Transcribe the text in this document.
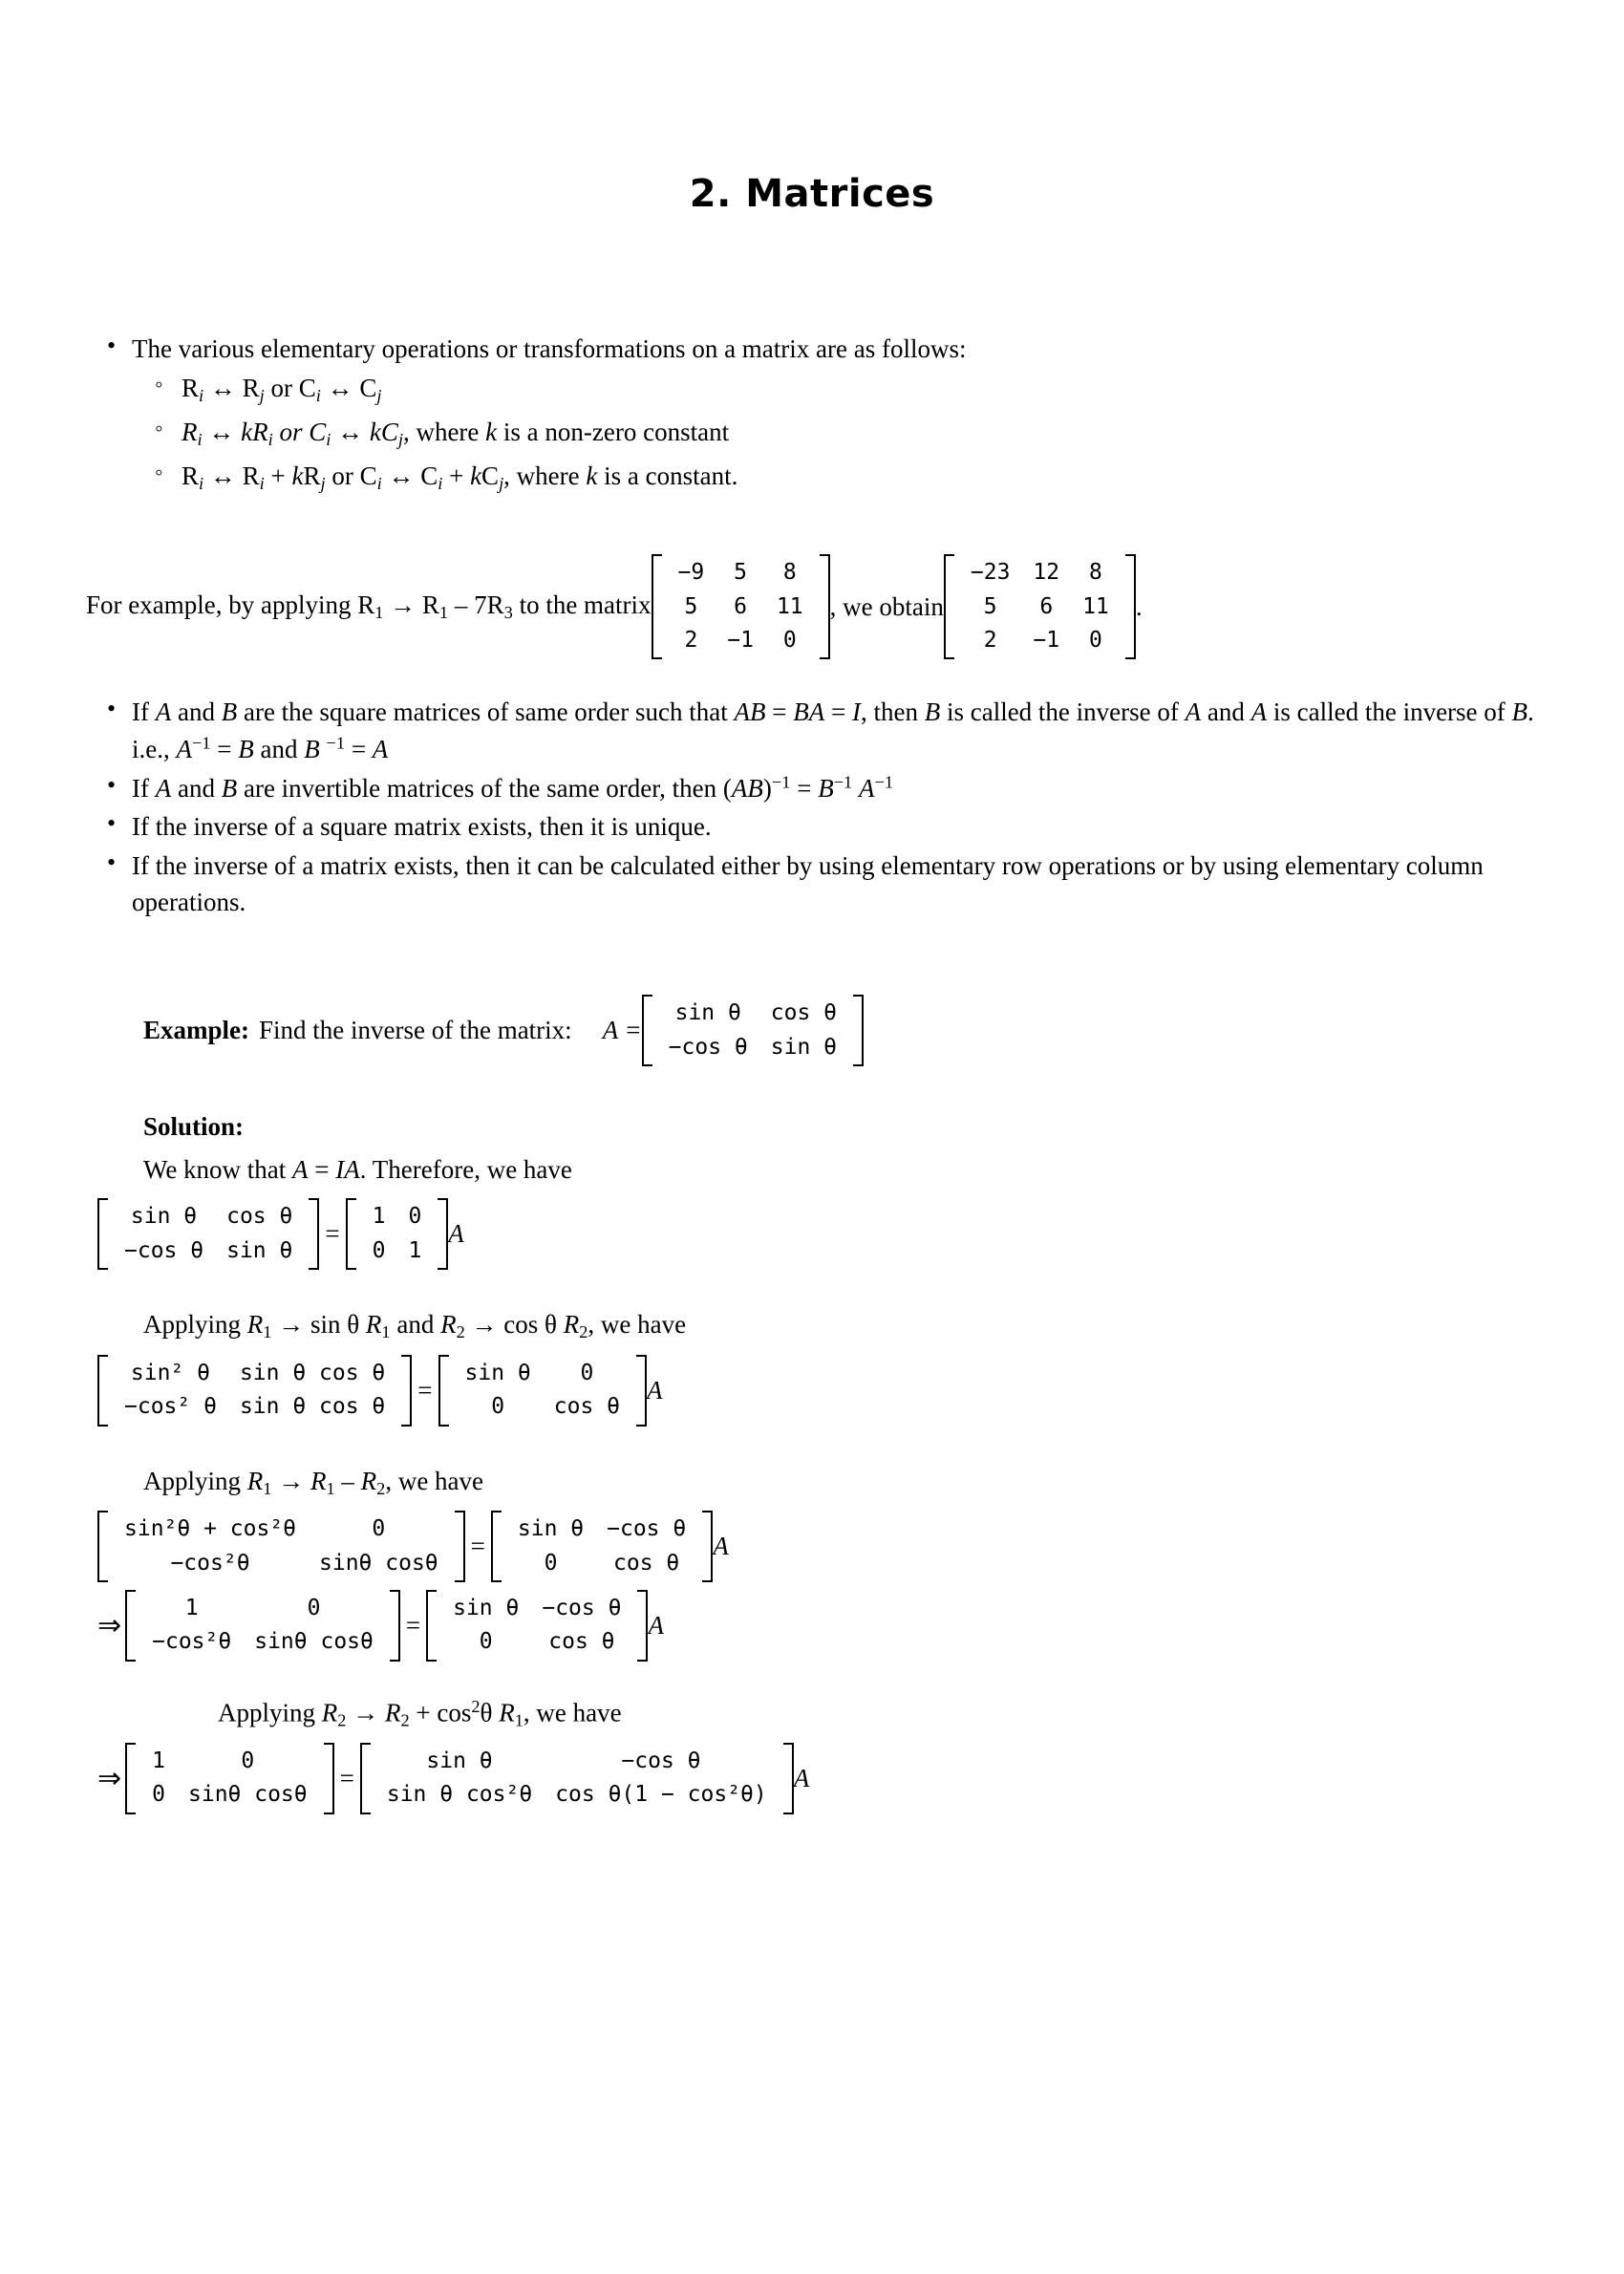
2. Matrices
• The various elementary operations or transformations on a matrix are as follows:
◦ $R_i$ ↔ $R_j$ or $C_i$ ↔ $C_j$
◦ $R_i$ ↔ $kR_i$ or $C_i$ ↔ $kC_j$, where k is a non-zero constant
◦ $R_i$ ↔ $R_i + kR_j$ or $C_i$ ↔ $C_i + kC_j$, where k is a constant.
For example, by applying R1 → R1 – 7R3 to the matrix
−9	5	8
5	6	11
2	−1	0
, we obtain
−23	12	8
5	6	11
2	−1	0
.
• If A and B are the square matrices of same order such that AB = BA = I, then B is called the inverse of A and A is called the inverse of B. i.e., $A^{-1} = B$ and B $^{-1}$ = A
• If A and B are invertible matrices of the same order, then $(AB)^{-1} = B^{-1}$ $A^{-1}$
• If the inverse of a square matrix exists, then it is unique.
• If the inverse of a matrix exists, then it can be calculated either by using elementary row operations or by using elementary column operations.
Example: Find the inverse of the matrix: A =
sin θ	cos θ
−cos θ	sin θ
Solution:
We know that A = IA. Therefore, we have
sin θ	cos θ
−cos θ	sin θ
=
1	0
0	1
A
Applying R1 → sin θ R1 and R2 → cos θ R2, we have
sin² θ	sin θ cos θ
−cos² θ	sin θ cos θ
=
sin θ	0
0	cos θ
A
Applying R1 → R1 – R2, we have
sin²θ + cos²θ	0
−cos²θ	sinθ cosθ
=
sin θ	−cos θ
0	cos θ
A
⇒
1	0
−cos²θ	sinθ cosθ
=
sin θ	−cos θ
0	cos θ
A
Applying $R2 \to R2 + \cos^2\theta$ R1, we have
⇒
1	0
0	sinθ cosθ
=
sin θ	−cos θ
sin θ cos²θ	cos θ(1 − cos²θ)
A
